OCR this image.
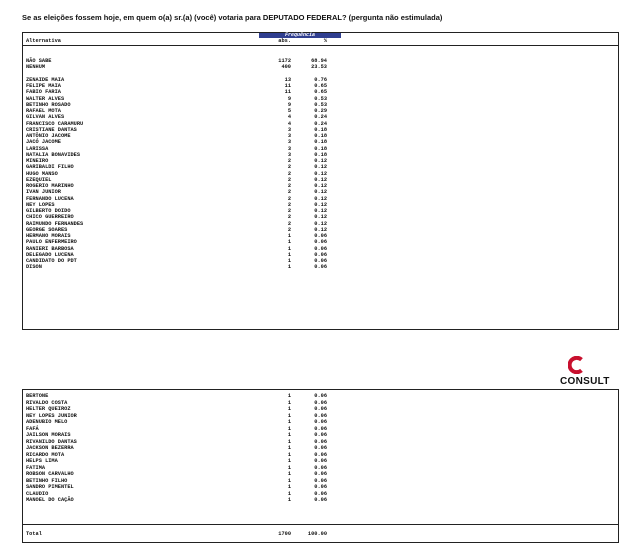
Se as eleições fossem hoje, em quem o(a) sr.(a) (você) votaria para DEPUTADO FEDERAL? (pergunta não estimulada)
Frequência
Alternativa	abs.	%
NÃO SABE	1172	68.94
NENHUM	400	23.53
ZENAIDE MAIA	13	0.76
FELIPE MAIA	11	0.65
FABIO FARIA	11	0.65
WALTER ALVES	9	0.53
BETINHO ROSADO	9	0.53
RAFAEL MOTA	5	0.29
GILVAN ALVES	4	0.24
FRANCISCO CARAMURU	4	0.24
CRISTIANE DANTAS	3	0.18
ANTÔNIO JACOME	3	0.18
JACÓ JACOME	3	0.18
LARISSA	3	0.18
NATALIA BONAVIDES	3	0.18
MINEIRO	2	0.12
GARIBALDI FILHO	2	0.12
HUGO MANSO	2	0.12
EZEQUIEL	2	0.12
ROGERIO MARINHO	2	0.12
IVAN JUNIOR	2	0.12
FERNANDO LUCENA	2	0.12
NEY LOPES	2	0.12
GILBERTO DOIDO	2	0.12
CHICO GUERREIRO	2	0.12
RAIMUNDO FERNANDES	2	0.12
GEORGE SOARES	2	0.12
HERMANO MORAIS	1	0.06
PAULO ENFERMEIRO	1	0.06
RANIERI BARBOSA	1	0.06
DELEGADO LUCENA	1	0.06
CANDIDATO DO PDT	1	0.06
DISON	1	0.06
CONSULT
BERTONE	1	0.06
RIVALDO COSTA	1	0.06
HELTER QUEIROZ	1	0.06
NEY LOPES JUNIOR	1	0.06
ADENUBIO MELO	1	0.06
FAFÁ	1	0.06
JAILSON MORAIS	1	0.06
RIVANILDO DANTAS	1	0.06
JACKSON BEZERRA	1	0.06
RICARDO MOTA	1	0.06
HELPS LIMA	1	0.06
FATIMA	1	0.06
ROBSON CARVALHO	1	0.06
BETINHO FILHO	1	0.06
SANDRO PIMENTEL	1	0.06
CLAUDIO	1	0.06
MANOEL DO CAÇÃO	1	0.06
Total	1700	100.00
